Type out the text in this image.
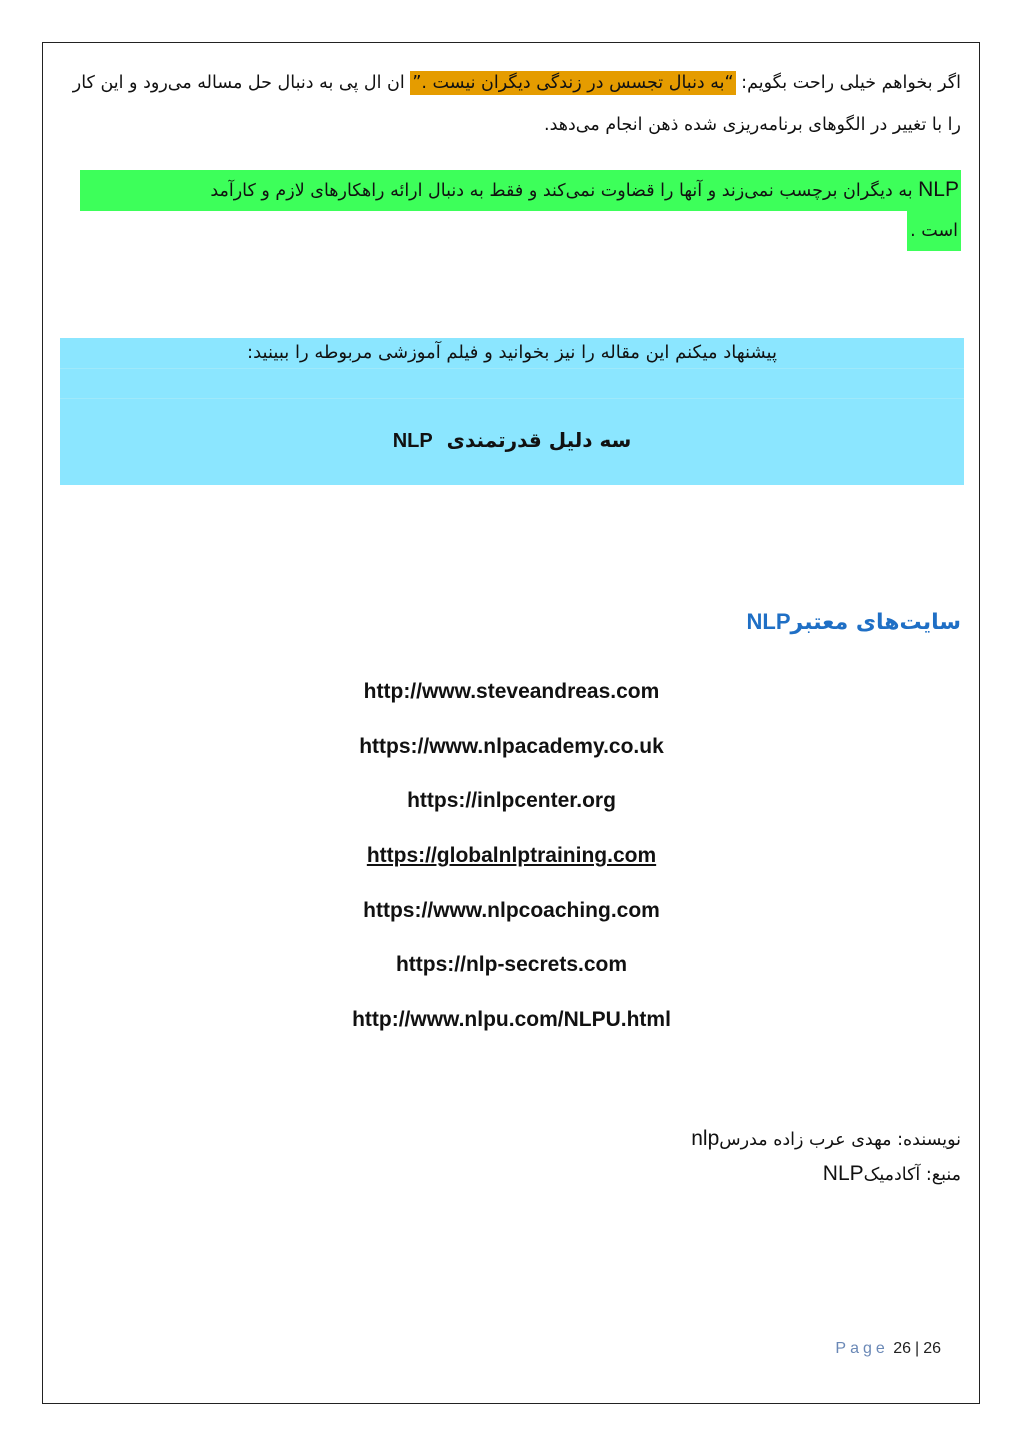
اگر بخواهم خیلی راحت بگویم: “به دنبال تجسس در زندگی دیگران نیست .” ان ال پی به دنبال حل مساله می‌رود و این کار را با تغییر در الگوهای برنامه‌ریزی شده ذهن انجام می‌دهد.
NLP به دیگران برچسب نمی‌زند و آنها را قضاوت نمی‌کند و فقط به دنبال ارائه راهکارهای لازم و کارآمد
است .
پیشنهاد میکنم این مقاله را نیز بخوانید و فیلم آموزشی مربوطه را ببینید:
سه دلیل قدرتمندی  NLP
سایت‌های معتبرNLP
http://www.steveandreas.com
https://www.nlpacademy.co.uk
https://inlpcenter.org
https://globalnlptraining.com
https://www.nlpcoaching.com
https://nlp-secrets.com
http://www.nlpu.com/NLPU.html
نویسنده: مهدی عرب زاده مدرسnlp
منبع: آکادمیکNLP
Page 26 | 26
